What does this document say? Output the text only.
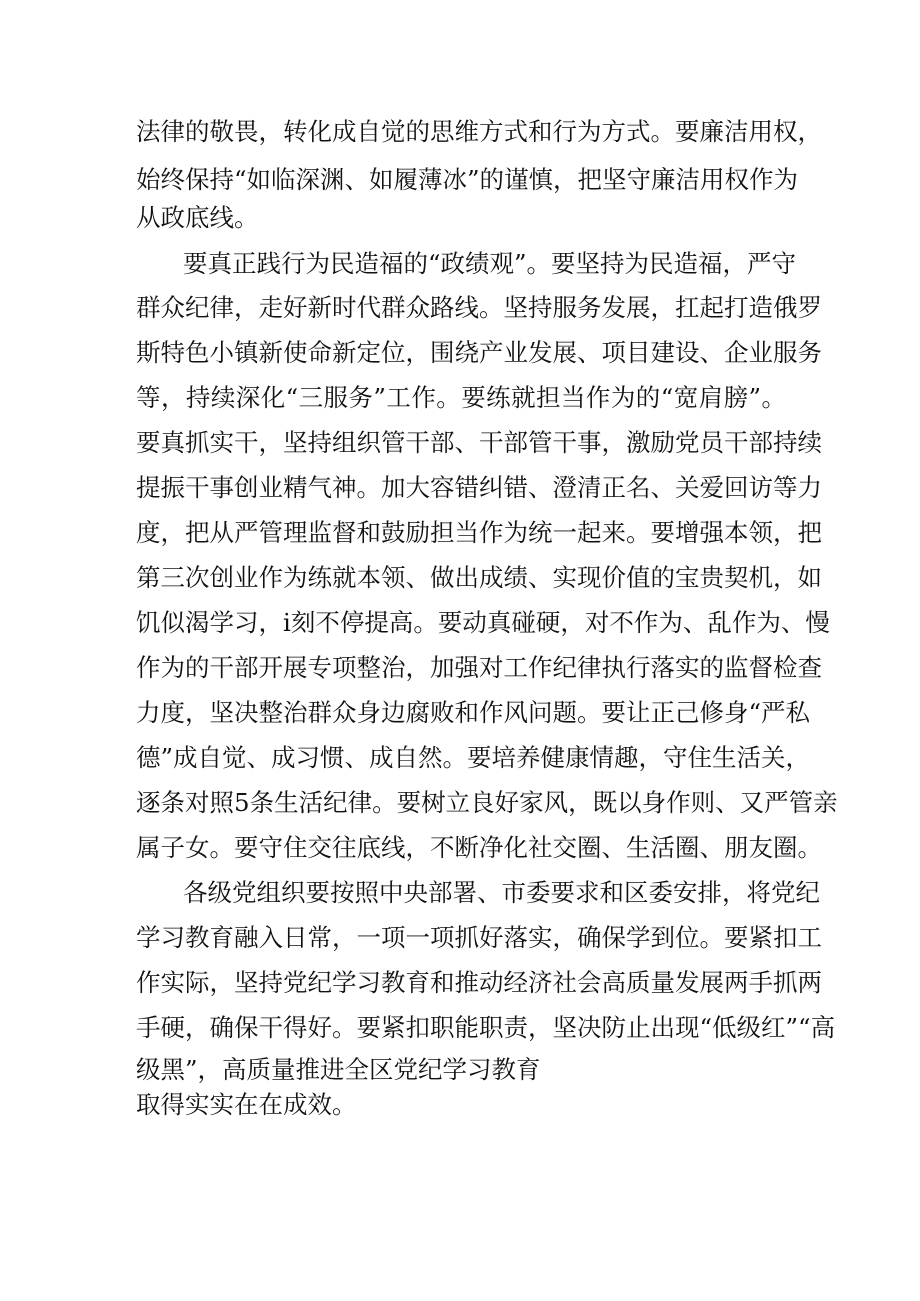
法律的敬畏，转化成自觉的思维方式和行为方式。要廉洁用权，
始终保持“如临深渊、如履薄冰”的谨慎，把坚守廉洁用权作为
从政底线。
要真正践行为民造福的“政绩观”。要坚持为民造福，严守
群众纪律，走好新时代群众路线。坚持服务发展，扛起打造俄罗
斯特色小镇新使命新定位，围绕产业发展、项目建设、企业服务
等，持续深化“三服务”工作。要练就担当作为的“宽肩膀”。
要真抓实干，坚持组织管干部、干部管干事，激励党员干部持续
提振干事创业精气神。加大容错纠错、澄清正名、关爱回访等力
度，把从严管理监督和鼓励担当作为统一起来。要增强本领，把
第三次创业作为练就本领、做出成绩、实现价值的宝贵契机，如
饥似渴学习，i刻不停提高。要动真碰硬，对不作为、乱作为、慢
作为的干部开展专项整治，加强对工作纪律执行落实的监督检查
力度，坚决整治群众身边腐败和作风问题。要让正己修身“严私
德”成自觉、成习惯、成自然。要培养健康情趣，守住生活关，
逐条对照5条生活纪律。要树立良好家风，既以身作则、又严管亲
属子女。要守住交往底线，不断净化社交圈、生活圈、朋友圈。
各级党组织要按照中央部署、市委要求和区委安排，将党纪
学习教育融入日常，一项一项抓好落实，确保学到位。要紧扣工
作实际，坚持党纪学习教育和推动经济社会高质量发展两手抓两
手硬，确保干得好。要紧扣职能职责，坚决防止出现“低级红”“高
级黑”，高质量推进全区党纪学习教育
取得实实在在成效。
